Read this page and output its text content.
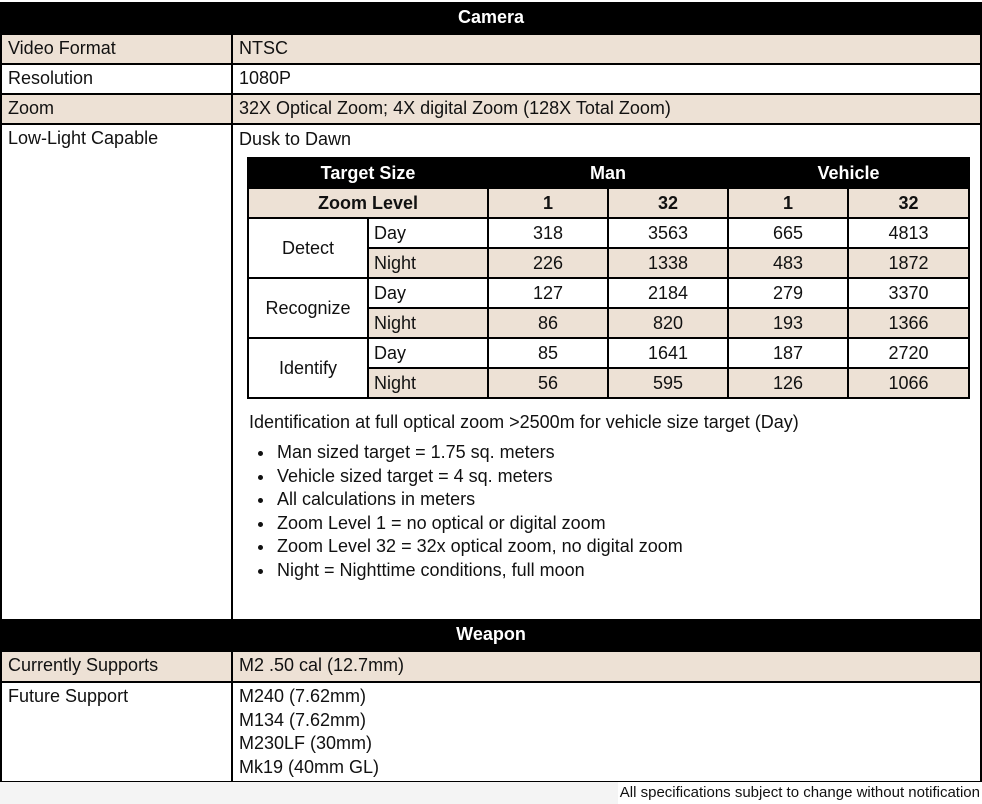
Camera
Video Format	NTSC
Resolution	1080P
Zoom	32X Optical Zoom; 4X digital Zoom (128X Total Zoom)
Low-Light Capable	Dusk to Dawn
Target Size	Man	Vehicle
Zoom Level	1	32	1	32
Detect	Day	318	3563	665	4813
Night	226	1338	483	1872
Recognize	Day	127	2184	279	3370
Night	86	820	193	1366
Identify	Day	85	1641	187	2720
Night	56	595	126	1066
Identification at full optical zoom >2500m for vehicle size target (Day)
• Man sized target = 1.75 sq. meters
• Vehicle sized target = 4 sq. meters
• All calculations in meters
• Zoom Level 1 = no optical or digital zoom
• Zoom Level 32 = 32x optical zoom, no digital zoom
• Night = Nighttime conditions, full moon
Weapon
Currently Supports	M2 .50 cal (12.7mm)
Future Support	M240 (7.62mm)
M134 (7.62mm)
M230LF (30mm)
Mk19 (40mm GL)
All specifications subject to change without notification
